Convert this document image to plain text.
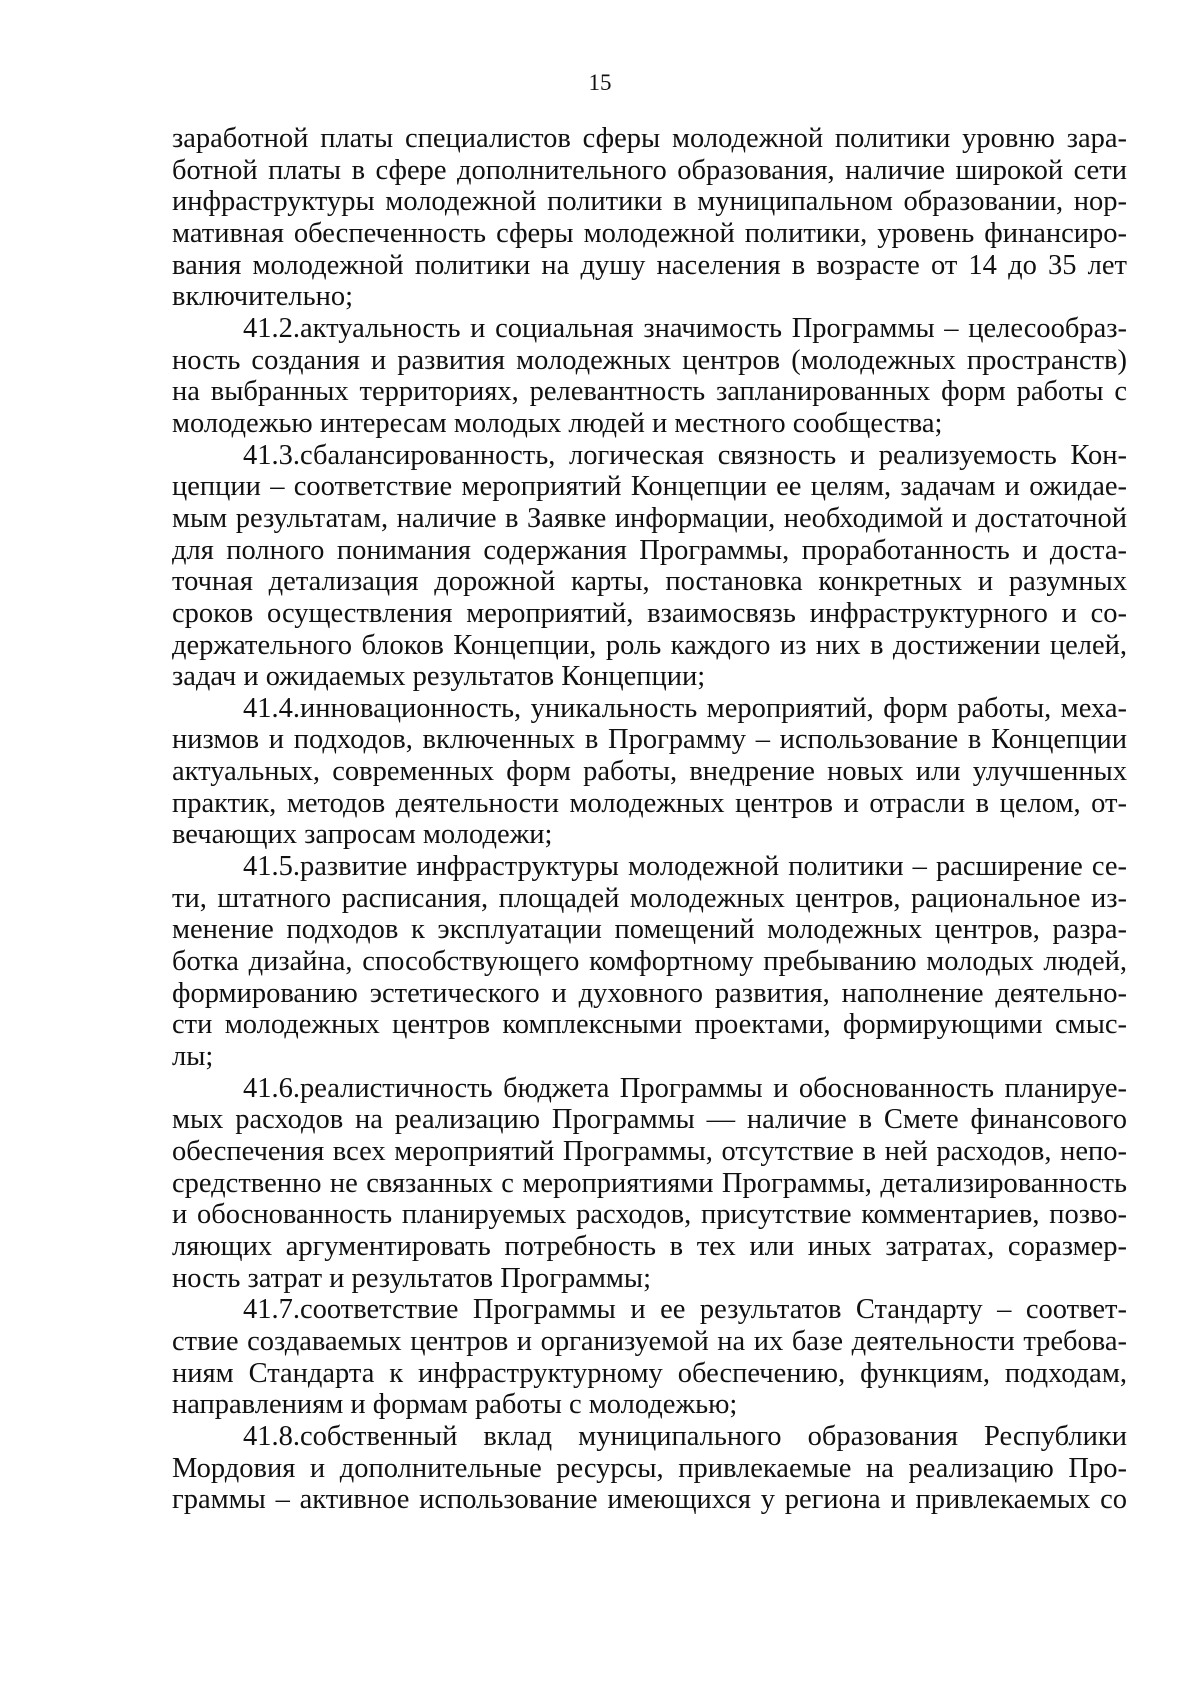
15
заработной платы специалистов сферы молодежной политики уровню зара-
ботной платы в сфере дополнительного образования, наличие широкой сети
инфраструктуры молодежной политики в муниципальном образовании, нор-
мативная обеспеченность сферы молодежной политики, уровень финансиро-
вания молодежной политики на душу населения в возрасте от 14 до 35 лет
включительно;
41.2.актуальность и социальная значимость Программы – целесообраз-
ность создания и развития молодежных центров (молодежных пространств)
на выбранных территориях, релевантность запланированных форм работы с
молодежью интересам молодых людей и местного сообщества;
41.3.сбалансированность, логическая связность и реализуемость Кон-
цепции – соответствие мероприятий Концепции ее целям, задачам и ожидае-
мым результатам, наличие в Заявке информации, необходимой и достаточной
для полного понимания содержания Программы, проработанность и доста-
точная детализация дорожной карты, постановка конкретных и разумных
сроков осуществления мероприятий, взаимосвязь инфраструктурного и со-
держательного блоков Концепции, роль каждого из них в достижении целей,
задач и ожидаемых результатов Концепции;
41.4.инновационность, уникальность мероприятий, форм работы, меха-
низмов и подходов, включенных в Программу – использование в Концепции
актуальных, современных форм работы, внедрение новых или улучшенных
практик, методов деятельности молодежных центров и отрасли в целом, от-
вечающих запросам молодежи;
41.5.развитие инфраструктуры молодежной политики – расширение се-
ти, штатного расписания, площадей молодежных центров, рациональное из-
менение подходов к эксплуатации помещений молодежных центров, разра-
ботка дизайна, способствующего комфортному пребыванию молодых людей,
формированию эстетического и духовного развития, наполнение деятельно-
сти молодежных центров комплексными проектами, формирующими смыс-
лы;
41.6.реалистичность бюджета Программы и обоснованность планируе-
мых расходов на реализацию Программы — наличие в Смете финансового
обеспечения всех мероприятий Программы, отсутствие в ней расходов, непо-
средственно не связанных с мероприятиями Программы, детализированность
и обоснованность планируемых расходов, присутствие комментариев, позво-
ляющих аргументировать потребность в тех или иных затратах, соразмер-
ность затрат и результатов Программы;
41.7.соответствие Программы и ее результатов Стандарту – соответ-
ствие создаваемых центров и организуемой на их базе деятельности требова-
ниям Стандарта к инфраструктурному обеспечению, функциям, подходам,
направлениям и формам работы с молодежью;
41.8.собственный вклад муниципального образования Республики
Мордовия и дополнительные ресурсы, привлекаемые на реализацию Про-
граммы – активное использование имеющихся у региона и привлекаемых со
